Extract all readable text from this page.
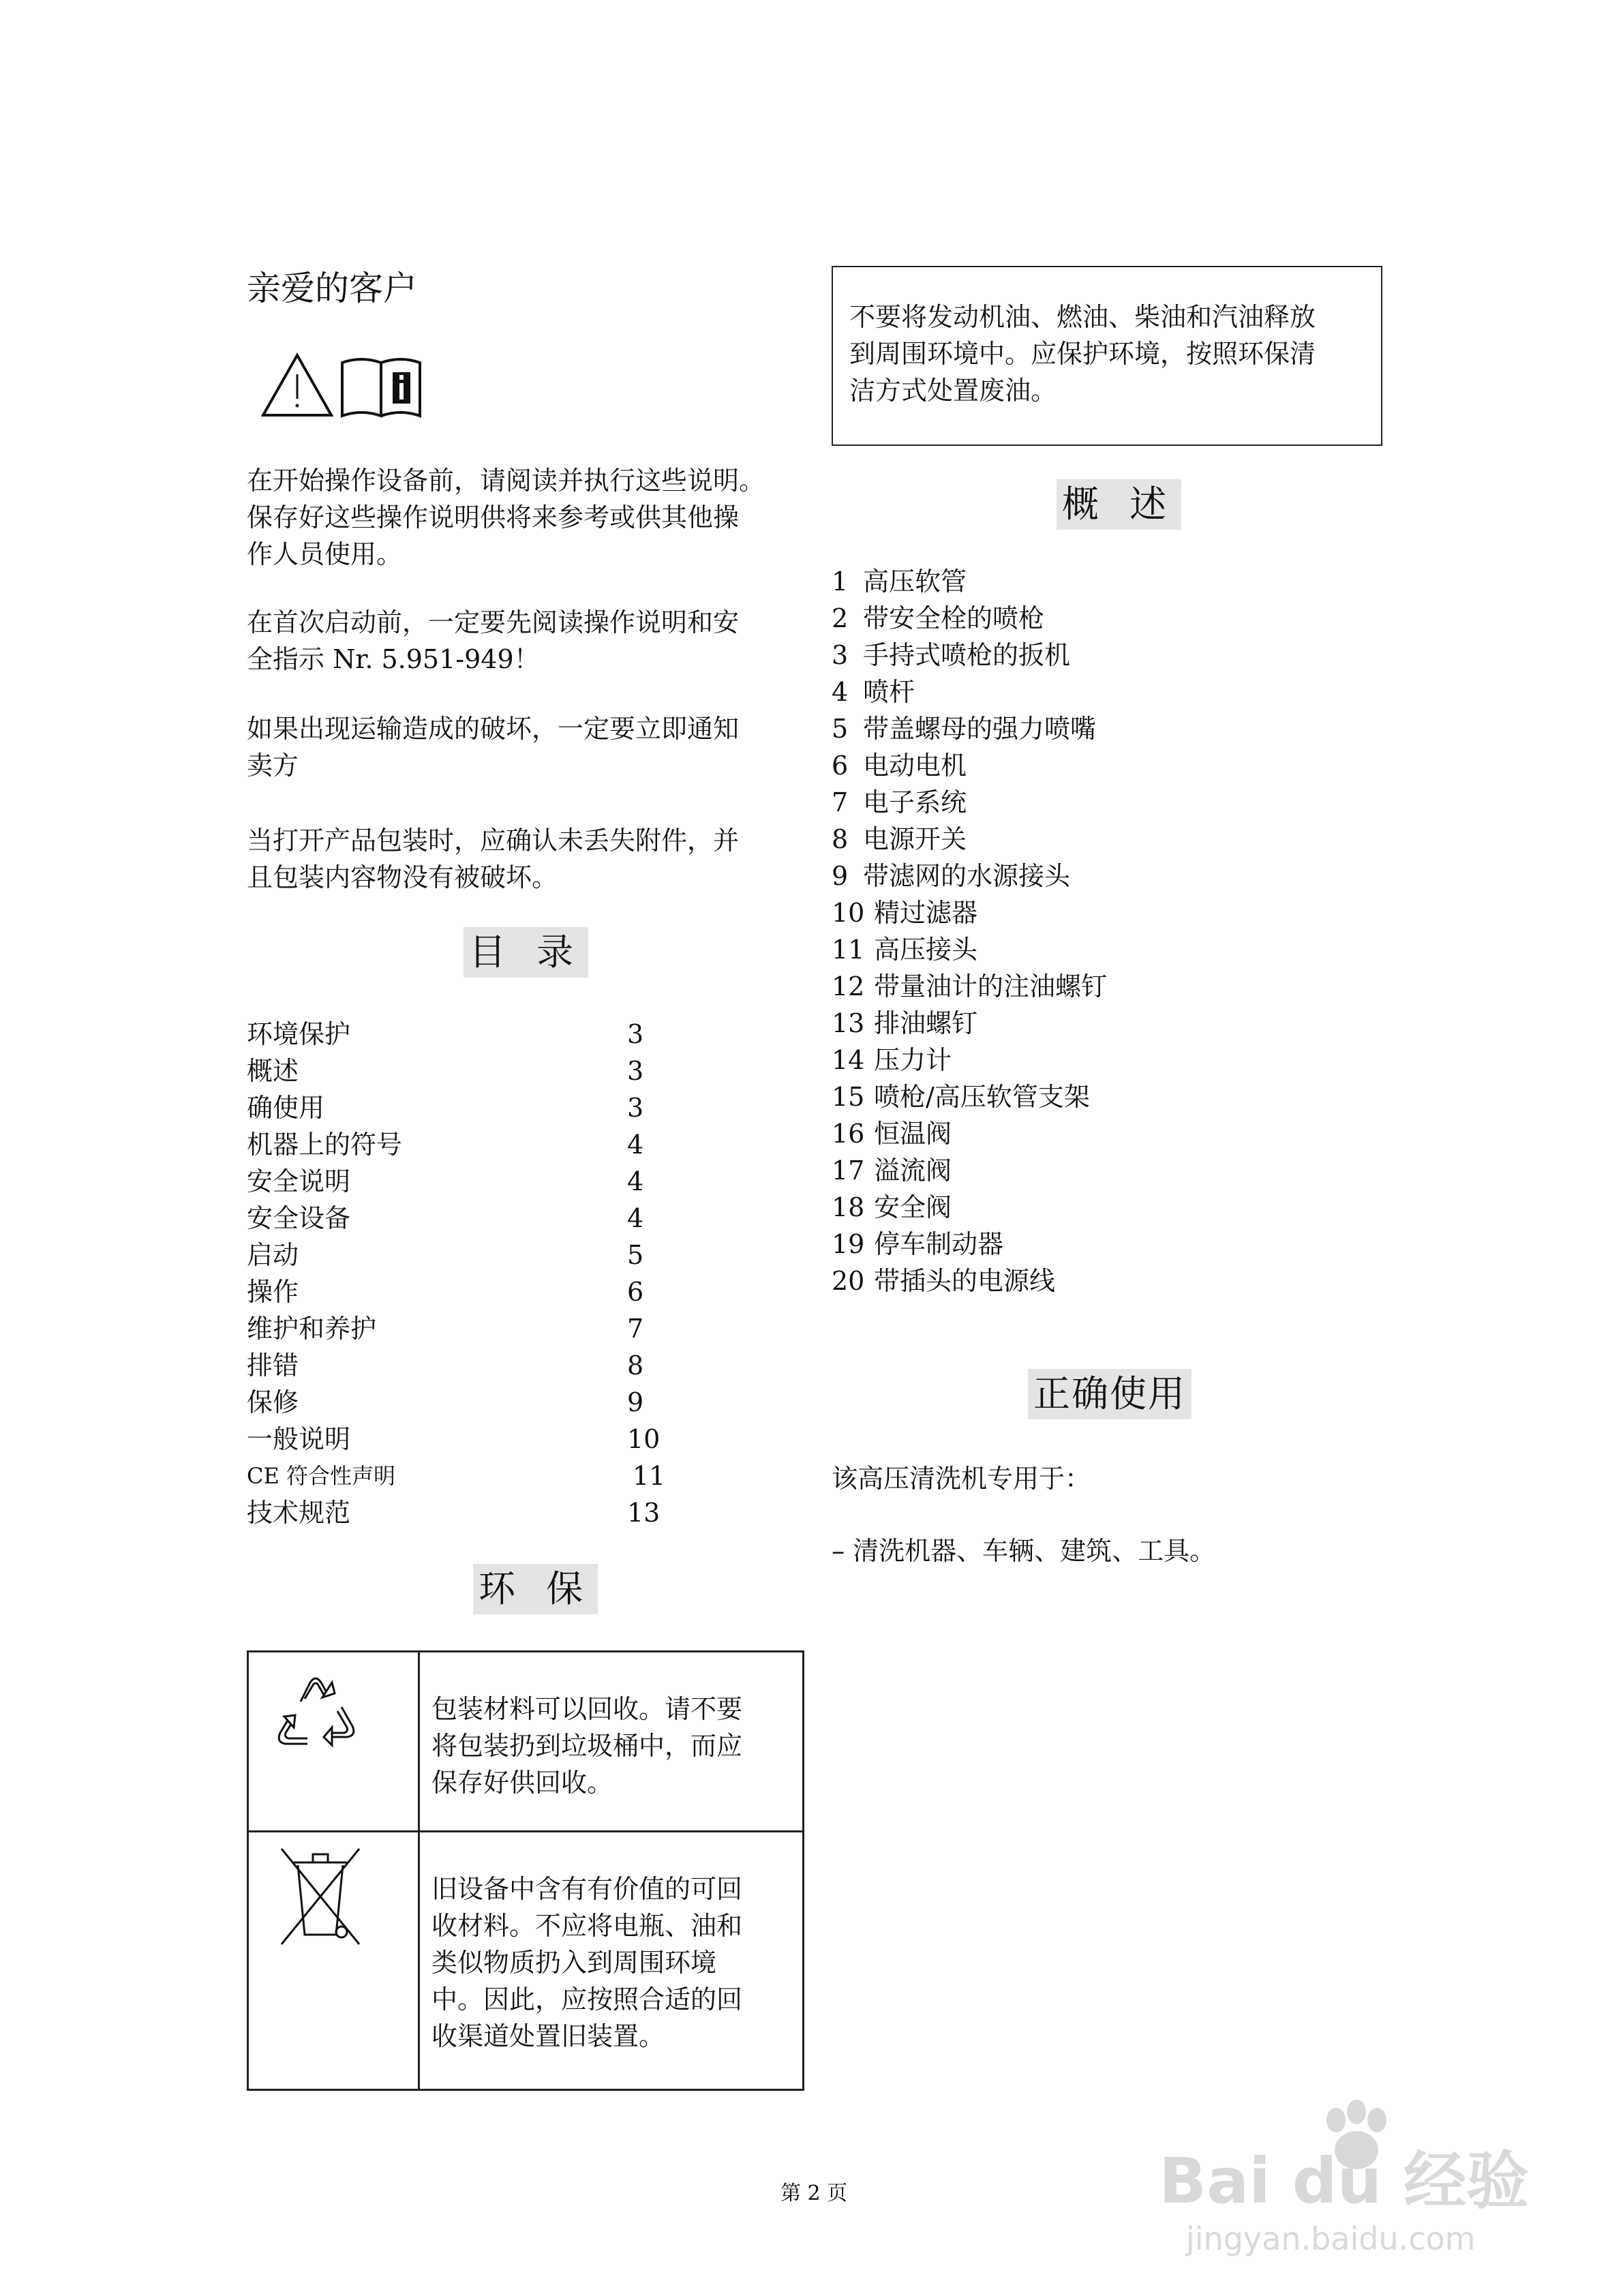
亲爱的客户
在开始操作设备前，请阅读并执行这些说明。
保存好这些操作说明供将来参考或供其他操
作人员使用。
在首次启动前，一定要先阅读操作说明和安
全指示 Nr. 5.951-949！
如果出现运输造成的破坏，一定要立即通知
卖方
当打开产品包装时，应确认未丢失附件，并
且包装内容物没有被破坏。
目 录
环境保护	3
概述	3
确使用	3
机器上的符号	4
安全说明	4
安全设备	4
启动	5
操作	6
维护和养护	7
排错	8
保修	9
一般说明	10
CE 符合性声明	11
技术规范	13
环 保
包装材料可以回收。请不要
将包装扔到垃圾桶中，而应
保存好供回收。
旧设备中含有有价值的可回
收材料。不应将电瓶、油和
类似物质扔入到周围环境
中。因此，应按照合适的回
收渠道处置旧装置。
不要将发动机油、燃油、柴油和汽油释放
到周围环境中。应保护环境，按照环保清
洁方式处置废油。
概 述
1 高压软管
2 带安全栓的喷枪
3 手持式喷枪的扳机
4 喷杆
5 带盖螺母的强力喷嘴
6 电动电机
7 电子系统
8 电源开关
9 带滤网的水源接头
10 精过滤器
11 高压接头
12 带量油计的注油螺钉
13 排油螺钉
14 压力计
15 喷枪/高压软管支架
16 恒温阀
17 溢流阀
18 安全阀
19 停车制动器
20 带插头的电源线
正确使用
该高压清洗机专用于：
– 清洗机器、车辆、建筑、工具。
第 2 页	Bai du 经验
jingyan.baidu.com
